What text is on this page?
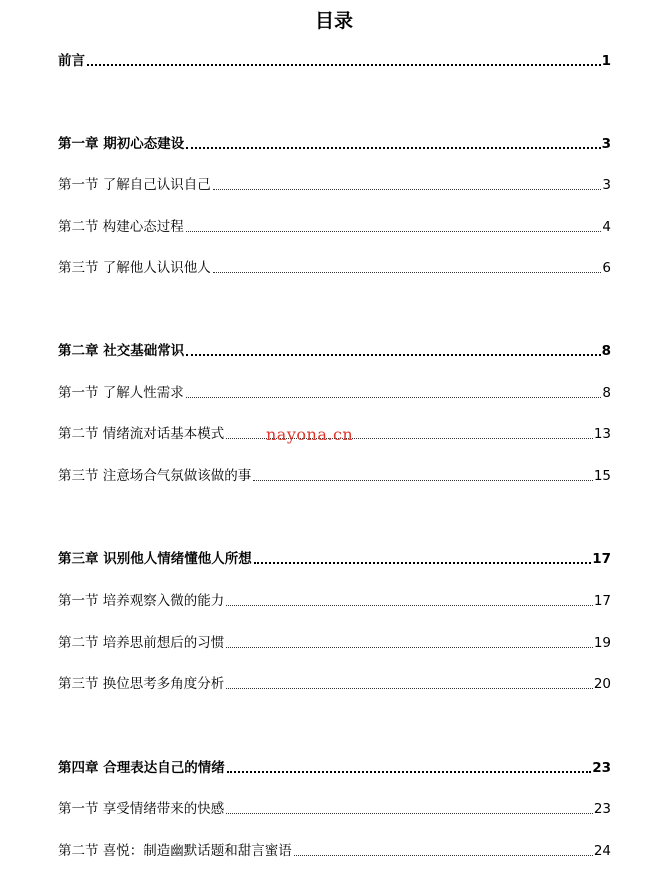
目录
前言	1
第一章 期初心态建设	3
第一节 了解自己认识自己	3
第二节 构建心态过程	4
第三节 了解他人认识他人	6
第二章 社交基础常识	8
第一节 了解人性需求	8
第二节 情绪流对话基本模式	13
第三节 注意场合气氛做该做的事	15
第三章 识别他人情绪懂他人所想	17
第一节 培养观察入微的能力	17
第二节 培养思前想后的习惯	19
第三节 换位思考多角度分析	20
第四章 合理表达自己的情绪	23
第一节 享受情绪带来的快感	23
第二节 喜悦：制造幽默话题和甜言蜜语	24
nayona.cn
